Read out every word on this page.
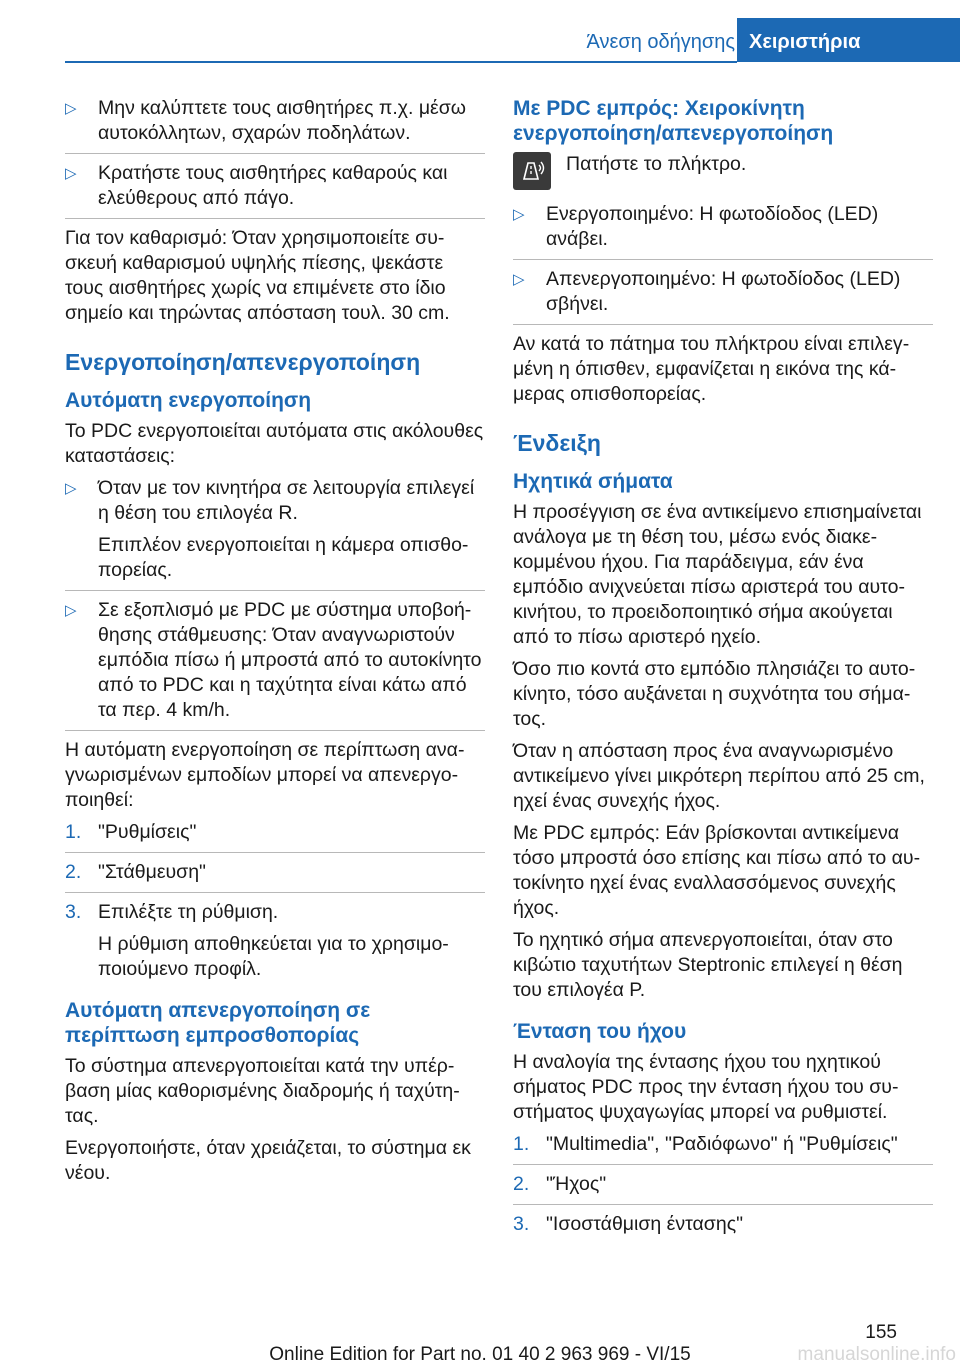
Άνεση οδήγησης Χειριστήρια
▷ Μην καλύπτετε τους αισθητήρες π.χ. μέσω αυτοκόλλητων, σχαρών ποδηλάτων.

▷ Κρατήστε τους αισθητήρες καθαρούς και ελεύθερους από πάγο.

Για τον καθαρισμό: Όταν χρησιμοποιείτε συσκευή καθαρισμού υψηλής πίεσης, ψεκάστε τους αισθητήρες χωρίς να επιμένετε στο ίδιο σημείο και τηρώντας απόσταση τουλ. 30 cm.

Ενεργοποίηση/απενεργοποίηση
Αυτόματη ενεργοποίηση

Το PDC ενεργοποιείται αυτόματα στις ακόλουθες καταστάσεις:

▷ Όταν με τον κινητήρα σε λειτουργία επιλεγεί η θέση του επιλογέα R.

Επιπλέον ενεργοποιείται η κάμερα οπισθοπορείας.

▷ Σε εξοπλισμό με PDC με σύστημα υποβοήθησης στάθμευσης: Όταν αναγνωριστούν εμπόδια πίσω ή μπροστά από το αυτοκίνητο από το PDC και η ταχύτητα είναι κάτω από τα περ. 4 km/h.

Η αυτόματη ενεργοποίηση σε περίπτωση αναγνωρισμένων εμποδίων μπορεί να απενεργοποιηθεί:

1. "Ρυθμίσεις"

2. "Στάθμευση"

3. Επιλέξτε τη ρύθμιση.

Η ρύθμιση αποθηκεύεται για το χρησιμοποιούμενο προφίλ.

Αυτόματη απενεργοποίηση σε περίπτωση εμπροσθοπορίας

Το σύστημα απενεργοποιείται κατά την υπέρβαση μίας καθορισμένης διαδρομής ή ταχύτητας.

Ενεργοποιήστε, όταν χρειάζεται, το σύστημα εκ νέου.

Με PDC εμπρός: Χειροκίνητη ενεργοποίηση/απενεργοποίηση
Πατήστε το πλήκτρο.
▷ Ενεργοποιημένο: Η φωτοδίοδος (LED) ανάβει.

▷ Απενεργοποιημένο: Η φωτοδίοδος (LED) σβήνει.

Αν κατά το πάτημα του πλήκτρου είναι επιλεγμένη η όπισθεν, εμφανίζεται η εικόνα της κάμερας οπισθοπορείας.

Ένδειξη
Ηχητικά σήματα

Η προσέγγιση σε ένα αντικείμενο επισημαίνεται ανάλογα με τη θέση του, μέσω ενός διακεκομμένου ήχου. Για παράδειγμα, εάν ένα εμπόδιο ανιχνεύεται πίσω αριστερά του αυτοκινήτου, το προειδοποιητικό σήμα ακούγεται από το πίσω αριστερό ηχείο.

Όσο πιο κοντά στο εμπόδιο πλησιάζει το αυτοκίνητο, τόσο αυξάνεται η συχνότητα του σήματος.

Όταν η απόσταση προς ένα αναγνωρισμένο αντικείμενο γίνει μικρότερη περίπου από 25 cm, ηχεί ένας συνεχής ήχος.

Με PDC εμπρός: Εάν βρίσκονται αντικείμενα τόσο μπροστά όσο επίσης και πίσω από το αυτοκίνητο ηχεί ένας εναλλασσόμενος συνεχής ήχος.

Το ηχητικό σήμα απενεργοποιείται, όταν στο κιβώτιο ταχυτήτων Steptronic επιλεγεί η θέση του επιλογέα P.

Ένταση του ήχου

Η αναλογία της έντασης ήχου του ηχητικού σήματος PDC προς την ένταση ήχου του συστήματος ψυχαγωγίας μπορεί να ρυθμιστεί.

1. "Multimedia", "Ραδιόφωνο" ή "Ρυθμίσεις"

2. "Ήχος"

3. "Ισοστάθμιση έντασης"

155
Online Edition for Part no. 01 40 2 963 969 - VI/15	manualsonline.info
